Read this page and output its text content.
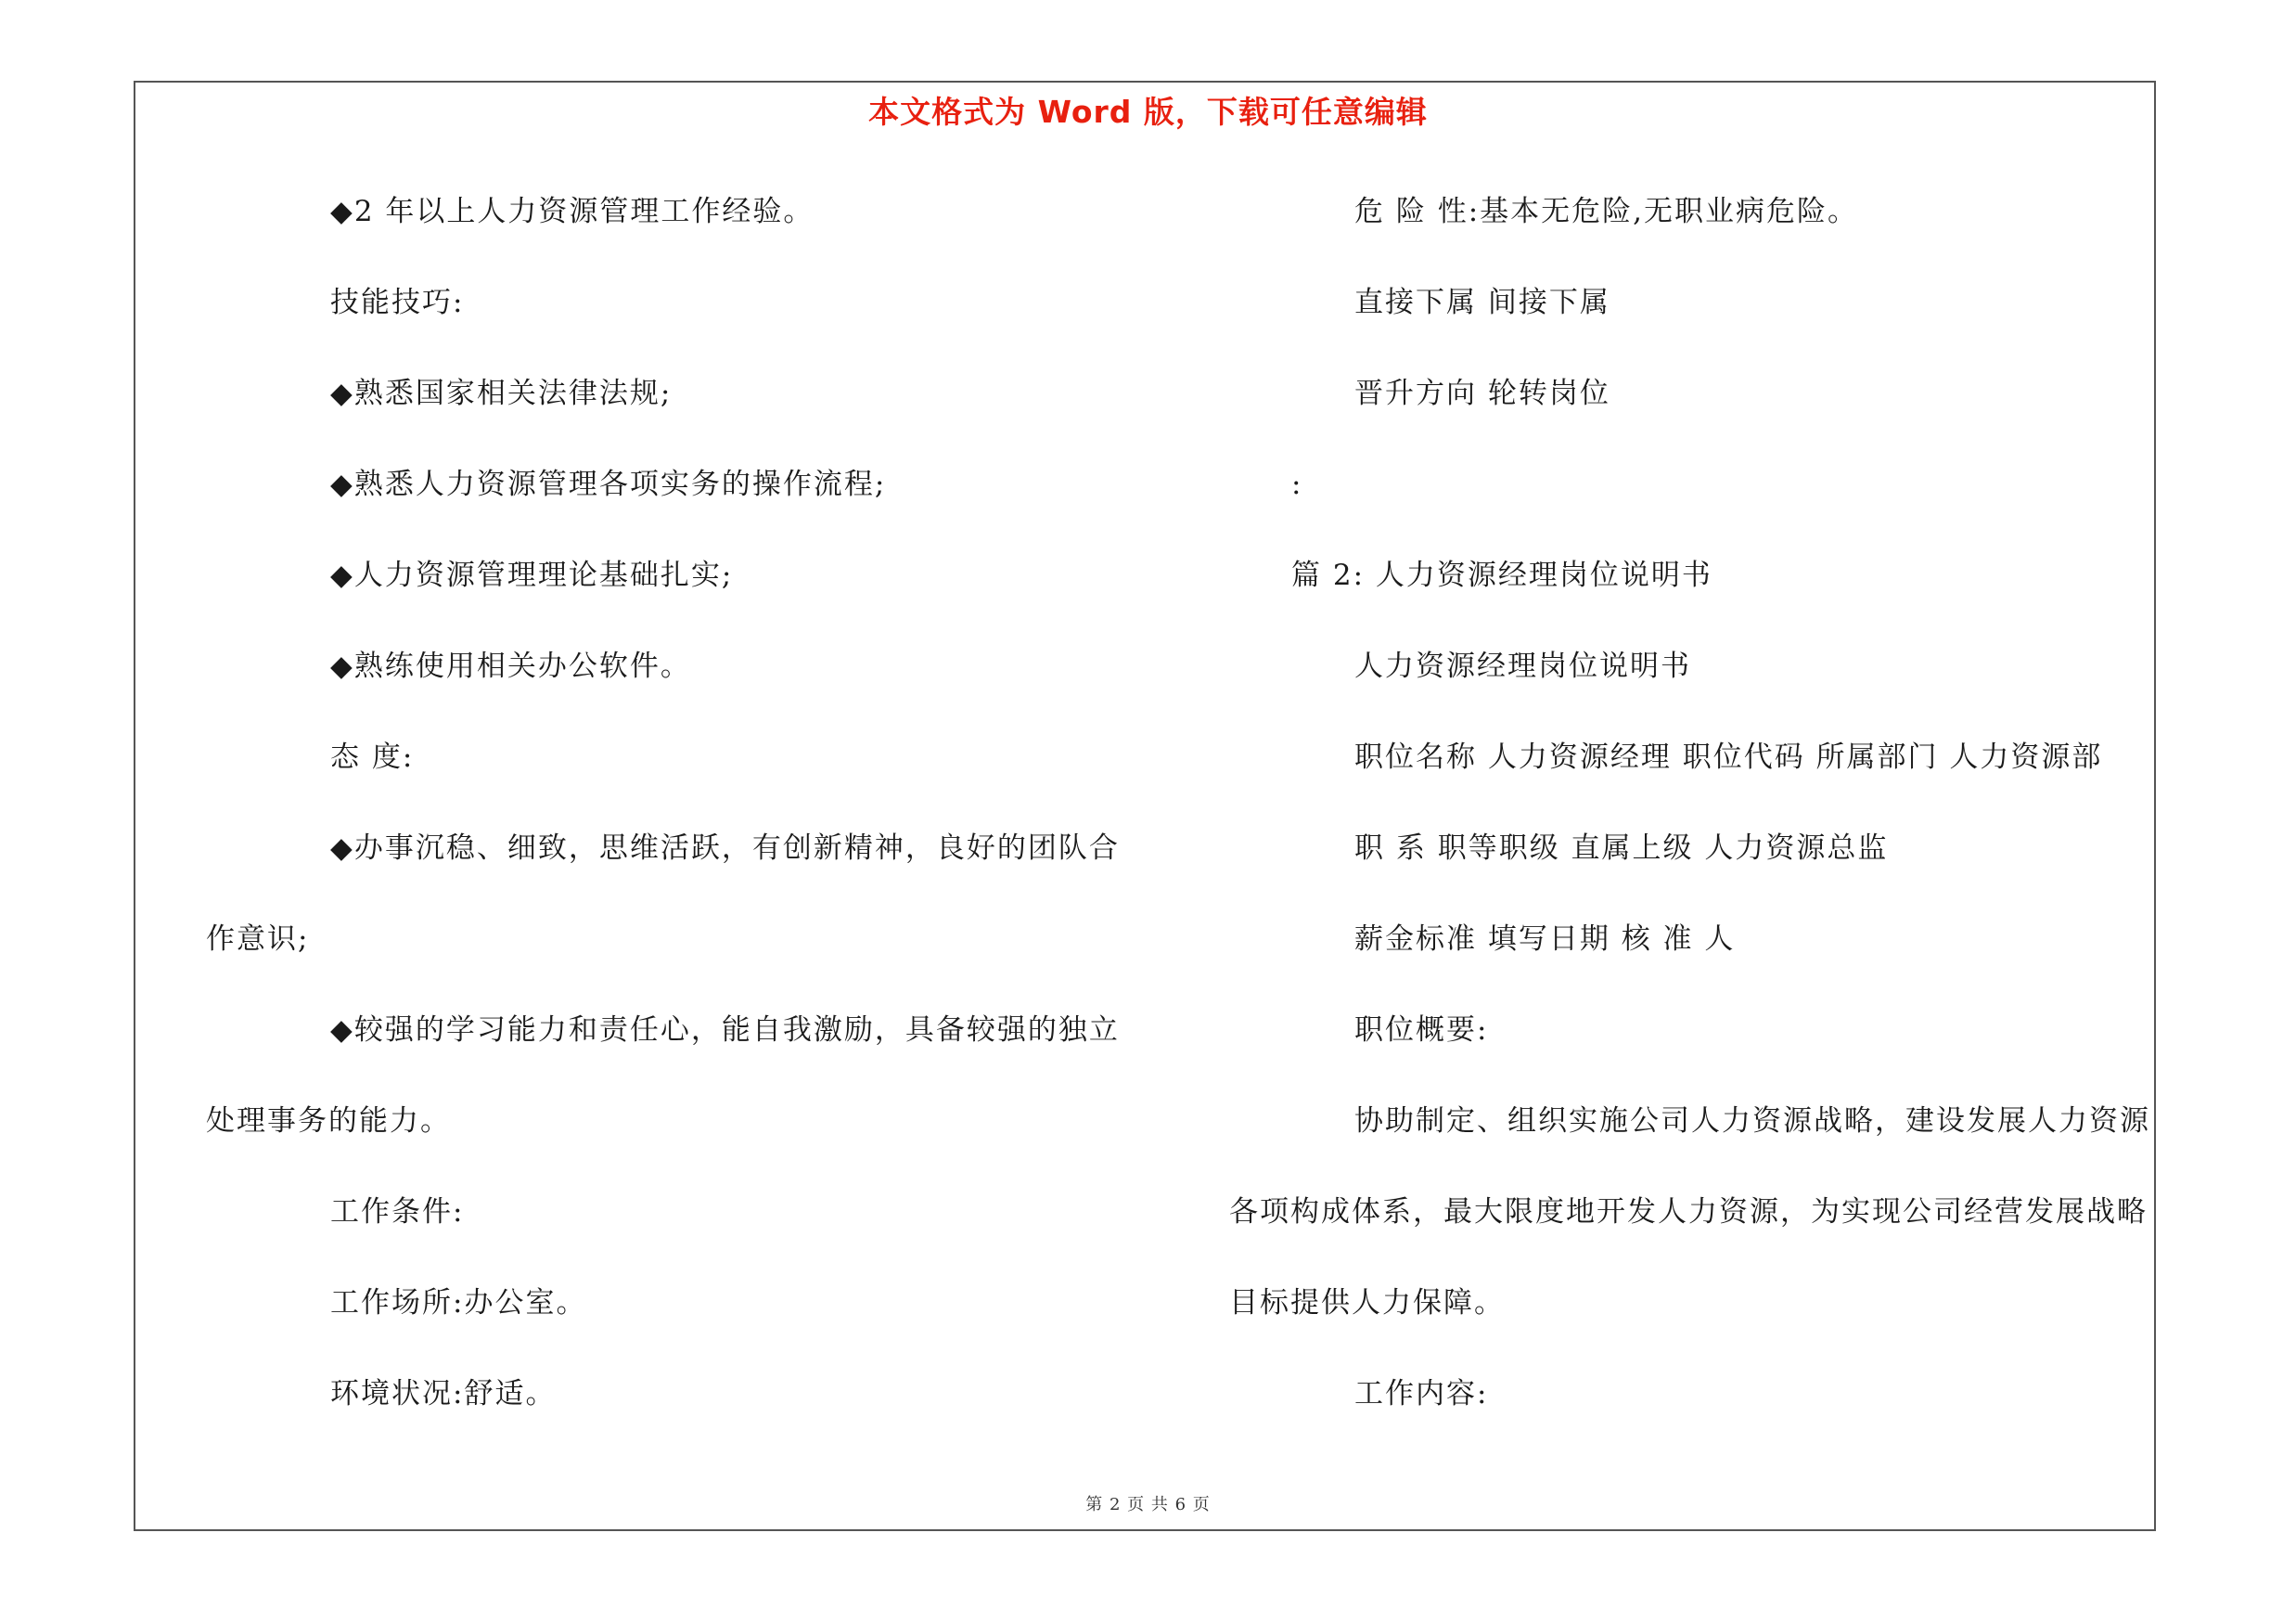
本文格式为 Word 版，下载可任意编辑
◆2 年以上人力资源管理工作经验。
技能技巧:
◆熟悉国家相关法律法规;
◆熟悉人力资源管理各项实务的操作流程;
◆人力资源管理理论基础扎实;
◆熟练使用相关办公软件。
态 度:
◆办事沉稳、细致，思维活跃，有创新精神，良好的团队合
作意识;
◆较强的学习能力和责任心，能自我激励，具备较强的独立
处理事务的能力。
工作条件:
工作场所:办公室。
环境状况:舒适。
危 险 性:基本无危险,无职业病危险。
直接下属 间接下属
晋升方向 轮转岗位
:
篇 2: 人力资源经理岗位说明书
人力资源经理岗位说明书
职位名称 人力资源经理 职位代码 所属部门 人力资源部
职 系 职等职级 直属上级 人力资源总监
薪金标准 填写日期 核 准 人
职位概要:
协助制定、组织实施公司人力资源战略，建设发展人力资源
各项构成体系，最大限度地开发人力资源，为实现公司经营发展战略
目标提供人力保障。
工作内容:
第 2 页 共 6 页
